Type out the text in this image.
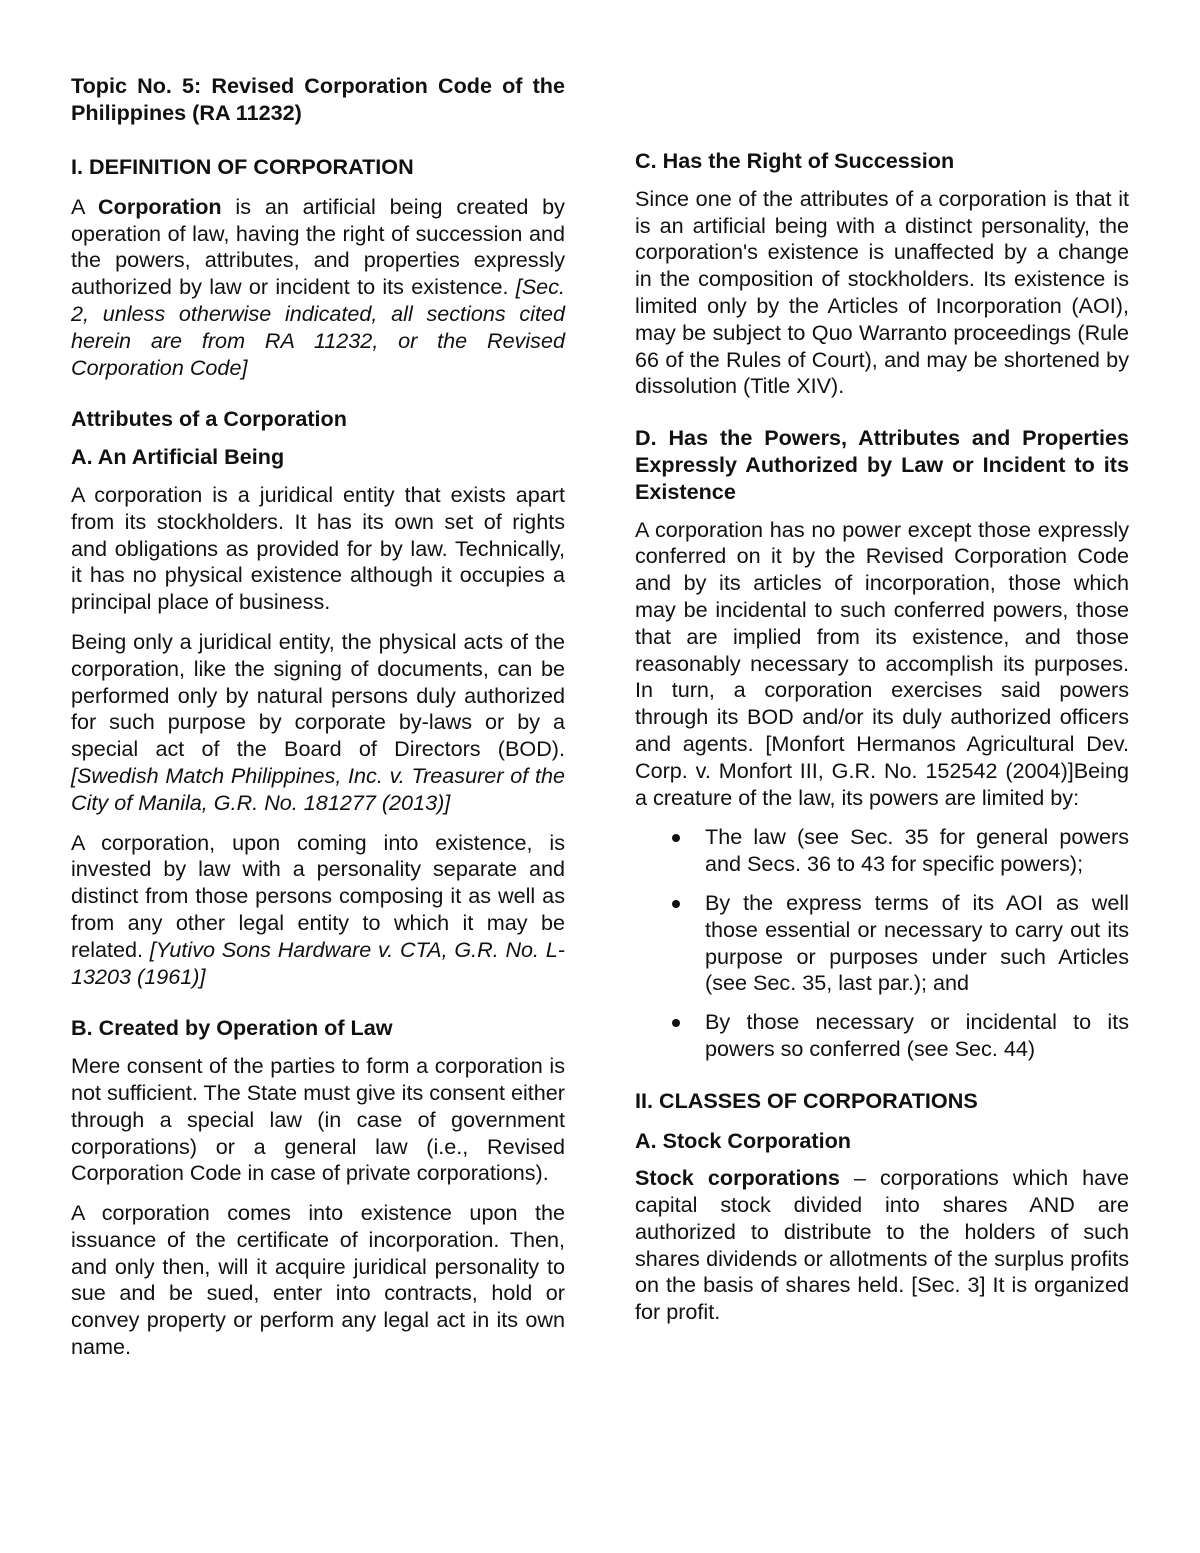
Topic No. 5: Revised Corporation Code of the Philippines (RA 11232)

I. DEFINITION OF CORPORATION

A Corporation is an artificial being created by operation of law, having the right of succession and the powers, attributes, and properties expressly authorized by law or incident to its existence. [Sec. 2, unless otherwise indicated, all sections cited herein are from RA 11232, or the Revised Corporation Code]

Attributes of a Corporation

A. An Artificial Being

A corporation is a juridical entity that exists apart from its stockholders. It has its own set of rights and obligations as provided for by law. Technically, it has no physical existence although it occupies a principal place of business.

Being only a juridical entity, the physical acts of the corporation, like the signing of documents, can be performed only by natural persons duly authorized for such purpose by corporate by-laws or by a special act of the Board of Directors (BOD). [Swedish Match Philippines, Inc. v. Treasurer of the City of Manila, G.R. No. 181277 (2013)]

A corporation, upon coming into existence, is invested by law with a personality separate and distinct from those persons composing it as well as from any other legal entity to which it may be related. [Yutivo Sons Hardware v. CTA, G.R. No. L-13203 (1961)]

B. Created by Operation of Law

Mere consent of the parties to form a corporation is not sufficient. The State must give its consent either through a special law (in case of government corporations) or a general law (i.e., Revised Corporation Code in case of private corporations).

A corporation comes into existence upon the issuance of the certificate of incorporation. Then, and only then, will it acquire juridical personality to sue and be sued, enter into contracts, hold or convey property or perform any legal act in its own name.

C. Has the Right of Succession

Since one of the attributes of a corporation is that it is an artificial being with a distinct personality, the corporation's existence is unaffected by a change in the composition of stockholders. Its existence is limited only by the Articles of Incorporation (AOI), may be subject to Quo Warranto proceedings (Rule 66 of the Rules of Court), and may be shortened by dissolution (Title XIV).

D. Has the Powers, Attributes and Properties Expressly Authorized by Law or Incident to its Existence

A corporation has no power except those expressly conferred on it by the Revised Corporation Code and by its articles of incorporation, those which may be incidental to such conferred powers, those that are implied from its existence, and those reasonably necessary to accomplish its purposes. In turn, a corporation exercises said powers through its BOD and/or its duly authorized officers and agents. [Monfort Hermanos Agricultural Dev. Corp. v. Monfort III, G.R. No. 152542 (2004)]Being a creature of the law, its powers are limited by:

The law (see Sec. 35 for general powers and Secs. 36 to 43 for specific powers);
By the express terms of its AOI as well those essential or necessary to carry out its purpose or purposes under such Articles (see Sec. 35, last par.); and
By those necessary or incidental to its powers so conferred (see Sec. 44)

II. CLASSES OF CORPORATIONS

A. Stock Corporation

Stock corporations – corporations which have capital stock divided into shares AND are authorized to distribute to the holders of such shares dividends or allotments of the surplus profits on the basis of shares held. [Sec. 3] It is organized for profit.
